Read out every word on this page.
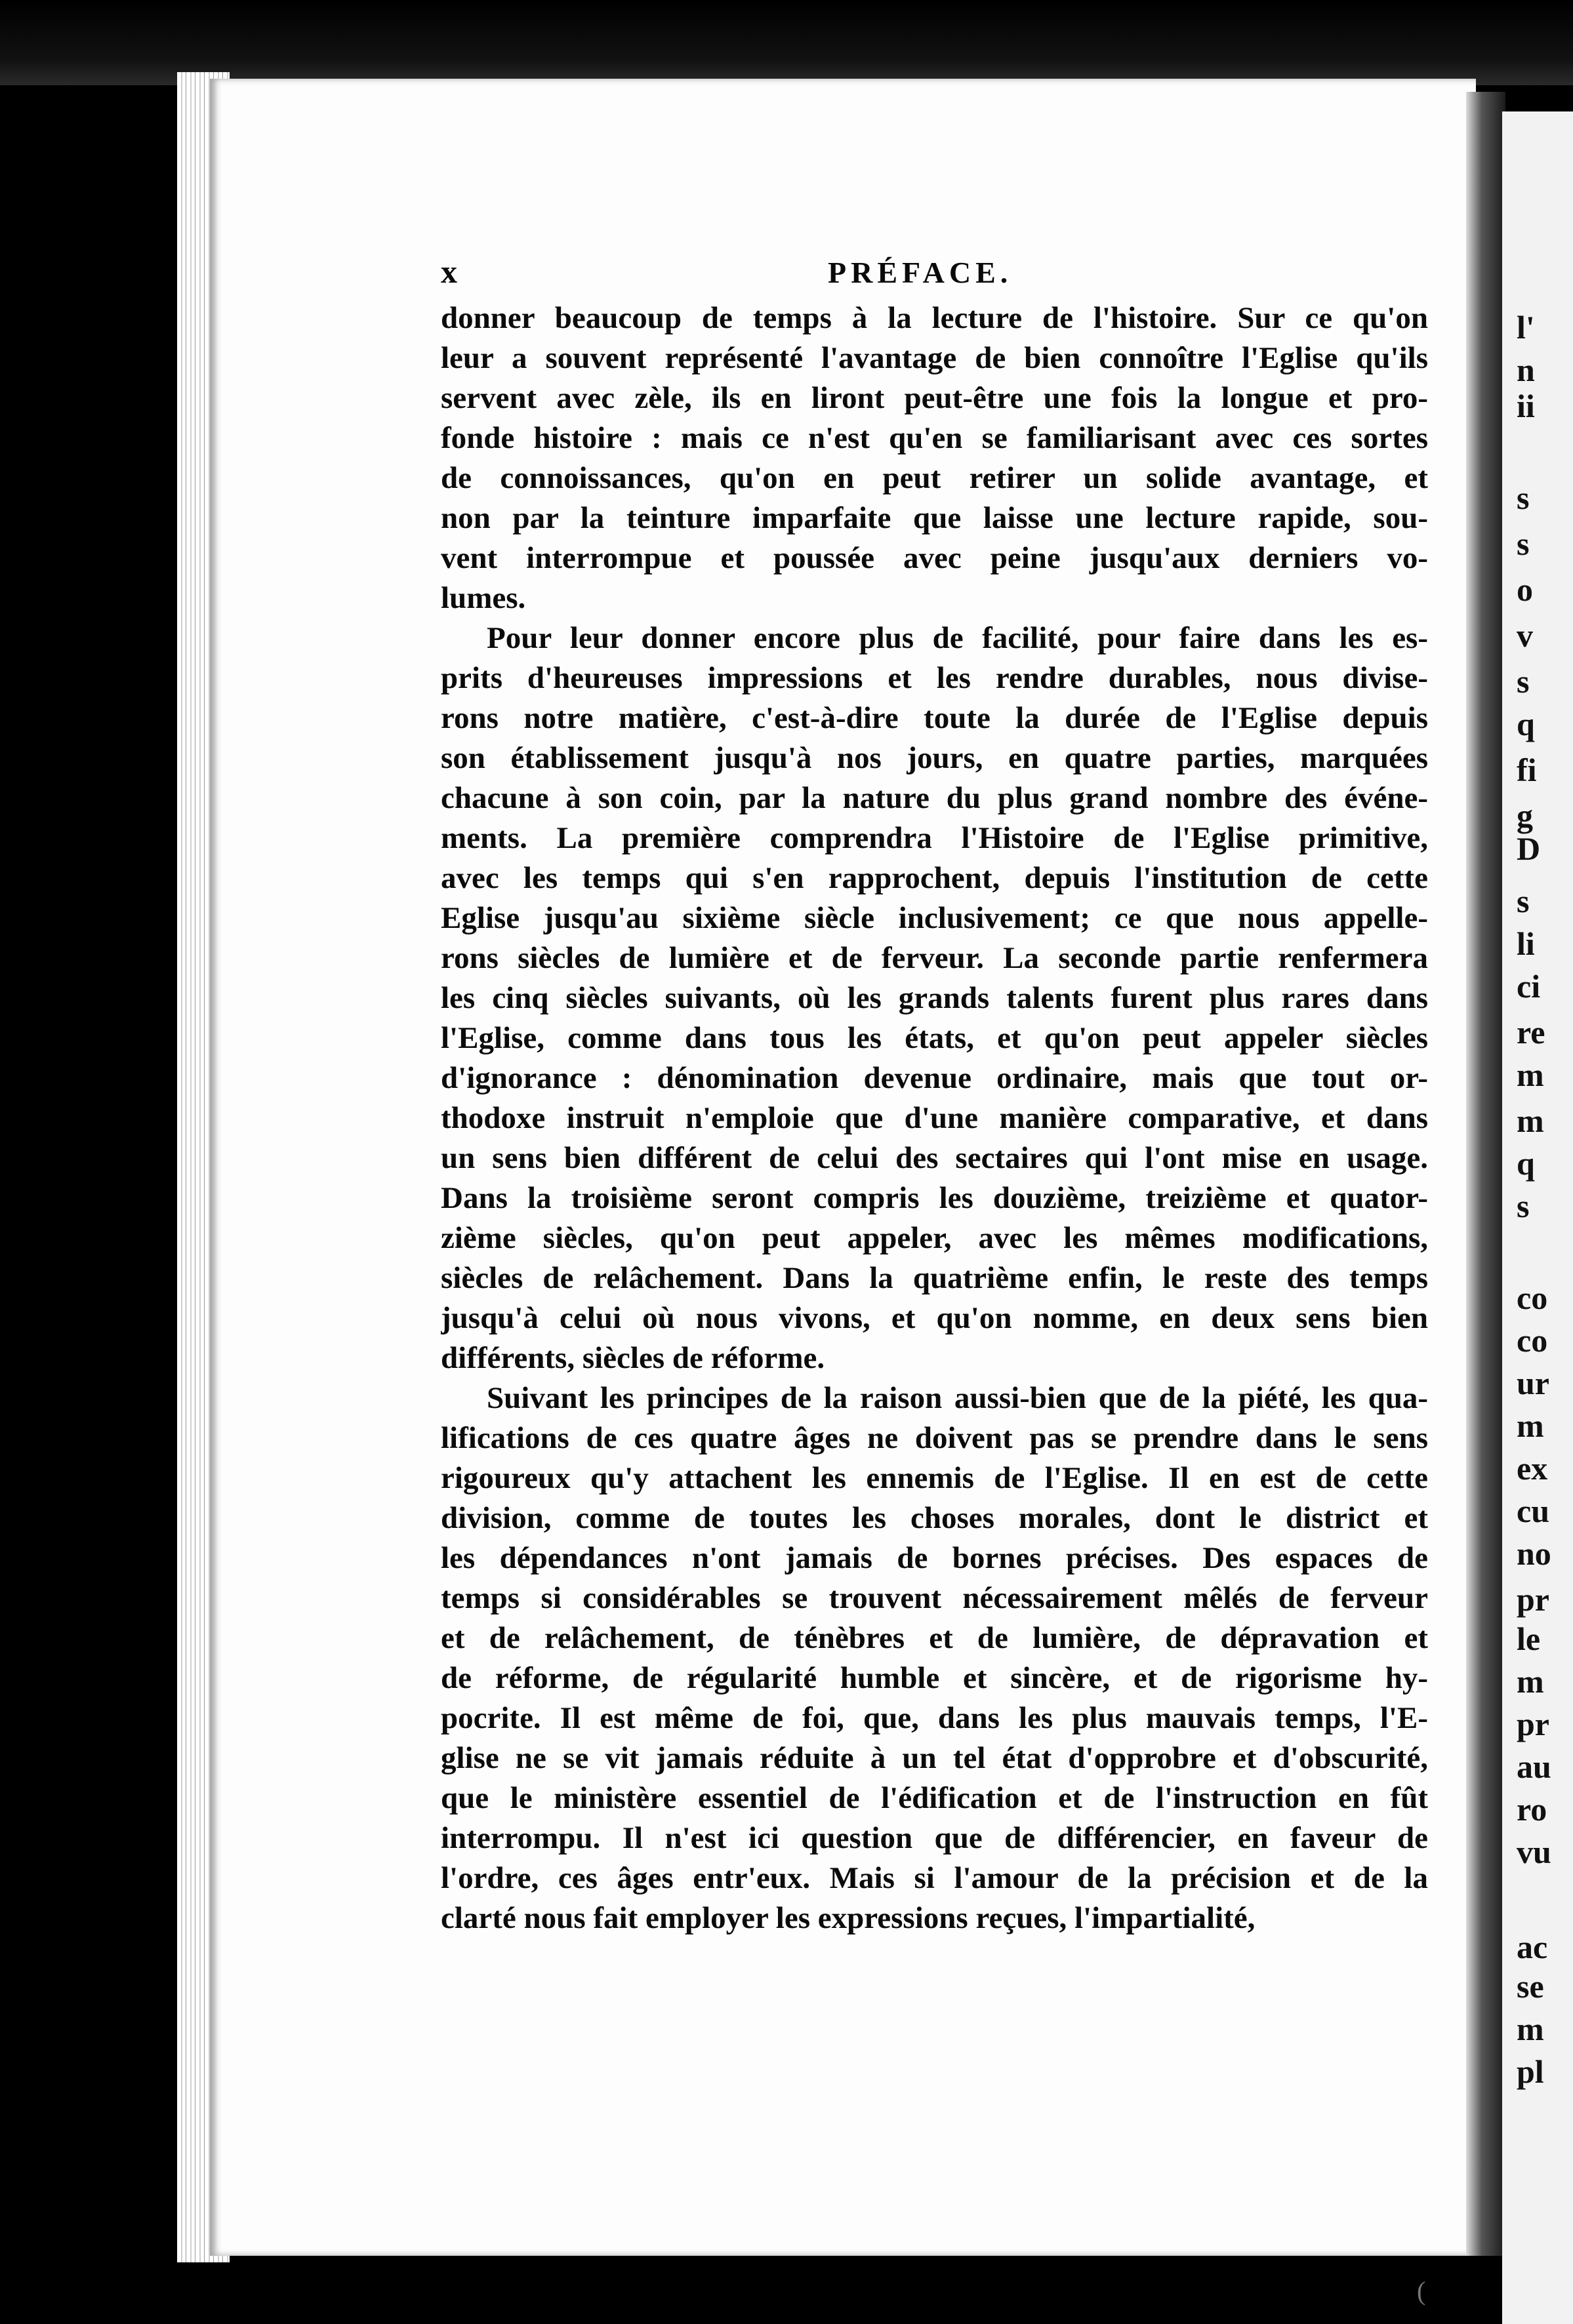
l'
n
ii
s
s
o
v
s
q
fi
g
D
s
li
ci
re
m
m
q
s
co
co
ur
m
ex
cu
no
pr
le
m
pr
au
ro
vu
ac
se
m
pl
x	PRÉFACE.
donner beaucoup de temps à la lecture de l'histoire. Sur ce qu'on
leur a souvent représenté l'avantage de bien connoître l'Eglise qu'ils
servent avec zèle, ils en liront peut-être une fois la longue et pro-
fonde histoire : mais ce n'est qu'en se familiarisant avec ces sortes
de connoissances, qu'on en peut retirer un solide avantage, et
non par la teinture imparfaite que laisse une lecture rapide, sou-
vent interrompue et poussée avec peine jusqu'aux derniers vo-
lumes.
Pour leur donner encore plus de facilité, pour faire dans les es-
prits d'heureuses impressions et les rendre durables, nous divise-
rons notre matière, c'est-à-dire toute la durée de l'Eglise depuis
son établissement jusqu'à nos jours, en quatre parties, marquées
chacune à son coin, par la nature du plus grand nombre des événe-
ments. La première comprendra l'Histoire de l'Eglise primitive,
avec les temps qui s'en rapprochent, depuis l'institution de cette
Eglise jusqu'au sixième siècle inclusivement; ce que nous appelle-
rons siècles de lumière et de ferveur. La seconde partie renfermera
les cinq siècles suivants, où les grands talents furent plus rares dans
l'Eglise, comme dans tous les états, et qu'on peut appeler siècles
d'ignorance : dénomination devenue ordinaire, mais que tout or-
thodoxe instruit n'emploie que d'une manière comparative, et dans
un sens bien différent de celui des sectaires qui l'ont mise en usage.
Dans la troisième seront compris les douzième, treizième et quator-
zième siècles, qu'on peut appeler, avec les mêmes modifications,
siècles de relâchement. Dans la quatrième enfin, le reste des temps
jusqu'à celui où nous vivons, et qu'on nomme, en deux sens bien
différents, siècles de réforme.
Suivant les principes de la raison aussi-bien que de la piété, les qua-
lifications de ces quatre âges ne doivent pas se prendre dans le sens
rigoureux qu'y attachent les ennemis de l'Eglise. Il en est de cette
division, comme de toutes les choses morales, dont le district et
les dépendances n'ont jamais de bornes précises. Des espaces de
temps si considérables se trouvent nécessairement mêlés de ferveur
et de relâchement, de ténèbres et de lumière, de dépravation et
de réforme, de régularité humble et sincère, et de rigorisme hy-
pocrite. Il est même de foi, que, dans les plus mauvais temps, l'E-
glise ne se vit jamais réduite à un tel état d'opprobre et d'obscurité,
que le ministère essentiel de l'édification et de l'instruction en fût
interrompu. Il n'est ici question que de différencier, en faveur de
l'ordre, ces âges entr'eux. Mais si l'amour de la précision et de la
clarté nous fait employer les expressions reçues, l'impartialité,
(
